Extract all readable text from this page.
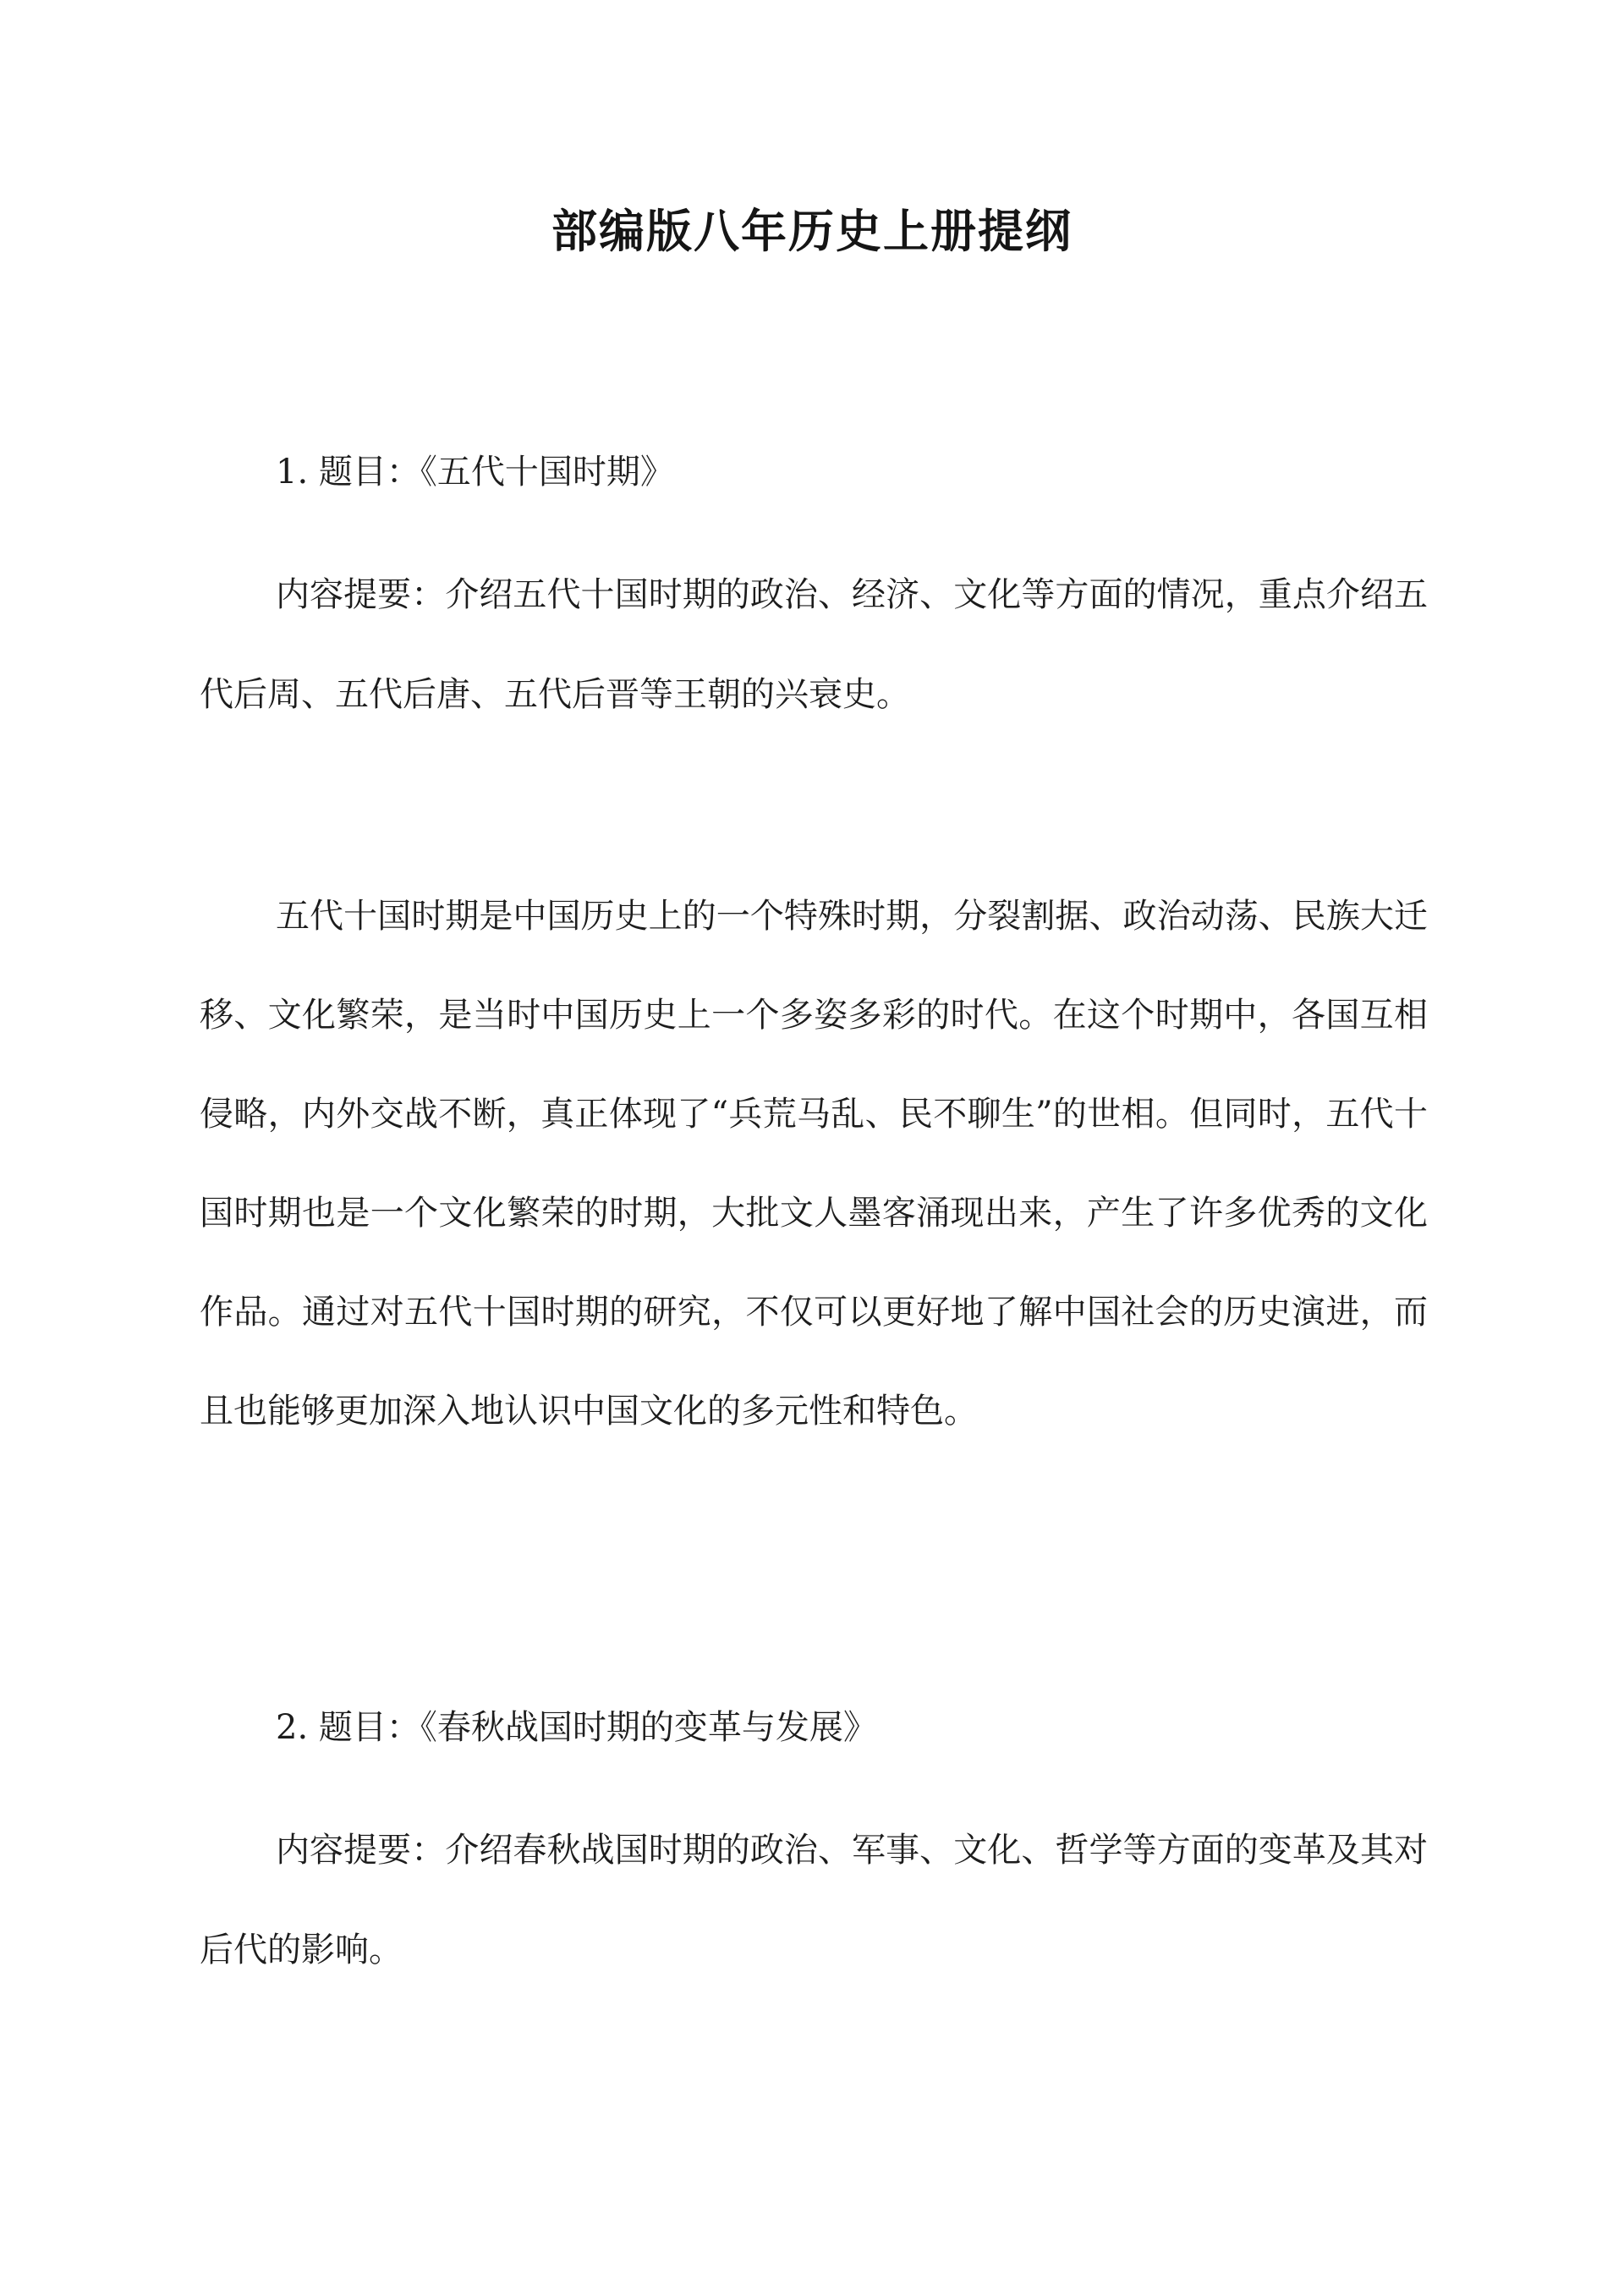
部编版八年历史上册提纲

1. 题目：《五代十国时期》

内容提要：介绍五代十国时期的政治、经济、文化等方面的情况，重点介绍五代后周、五代后唐、五代后晋等王朝的兴衰史。

五代十国时期是中国历史上的一个特殊时期，分裂割据、政治动荡、民族大迁移、文化繁荣，是当时中国历史上一个多姿多彩的时代。在这个时期中，各国互相侵略，内外交战不断，真正体现了“兵荒马乱、民不聊生”的世相。但同时，五代十国时期也是一个文化繁荣的时期，大批文人墨客涌现出来，产生了许多优秀的文化作品。通过对五代十国时期的研究，不仅可以更好地了解中国社会的历史演进，而且也能够更加深入地认识中国文化的多元性和特色。

2. 题目：《春秋战国时期的变革与发展》

内容提要：介绍春秋战国时期的政治、军事、文化、哲学等方面的变革及其对后代的影响。
